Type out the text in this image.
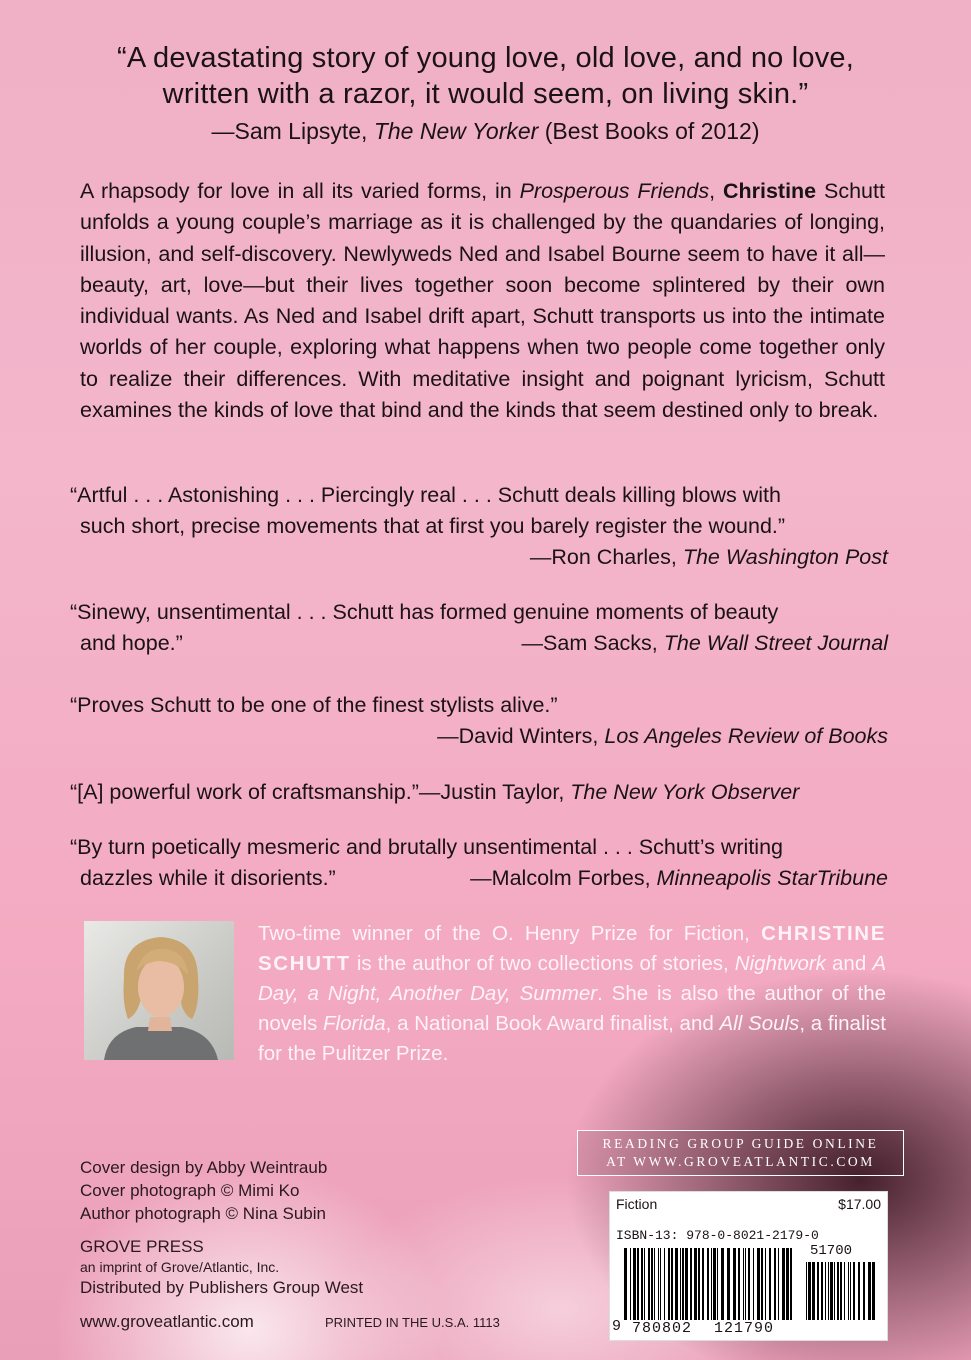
“A devastating story of young love, old love, and no love,
written with a razor, it would seem, on living skin.”
—Sam Lipsyte, The New Yorker (Best Books of 2012)
A rhapsody for love in all its varied forms, in Prosperous Friends, Christine Schutt unfolds a young couple’s marriage as it is challenged by the quandaries of longing, illusion, and self-discovery. Newlyweds Ned and Isabel Bourne seem to have it all—beauty, art, love—but their lives together soon become splintered by their own individual wants. As Ned and Isabel drift apart, Schutt transports us into the intimate worlds of her couple, exploring what happens when two people come together only to realize their differences. With meditative insight and poignant lyricism, Schutt examines the kinds of love that bind and the kinds that seem destined only to break.
“Artful . . . Astonishing . . . Piercingly real . . . Schutt deals killing blows with
such short, precise movements that at first you barely register the wound.”
—Ron Charles, The Washington Post
“Sinewy, unsentimental . . . Schutt has formed genuine moments of beauty
and hope.”	—Sam Sacks, The Wall Street Journal
“Proves Schutt to be one of the finest stylists alive.”
—David Winters, Los Angeles Review of Books
“[A] powerful work of craftsmanship.”—Justin Taylor, The New York Observer
“By turn poetically mesmeric and brutally unsentimental . . . Schutt’s writing
dazzles while it disorients.”	—Malcolm Forbes, Minneapolis StarTribune
Two-time winner of the O. Henry Prize for Fiction, CHRISTINE SCHUTT is the author of two collections of stories, Nightwork and A Day, a Night, Another Day, Summer. She is also the author of the novels Florida, a National Book Award finalist, and All Souls, a finalist for the Pulitzer Prize.
Cover design by Abby Weintraub
Cover photograph © Mimi Ko
Author photograph © Nina Subin
GROVE PRESS
an imprint of Grove/Atlantic, Inc.
Distributed by Publishers Group West
www.groveatlantic.com	PRINTED IN THE U.S.A. 1113
READING GROUP GUIDE ONLINE
AT WWW.GROVEATLANTIC.COM
Fiction	$17.00
ISBN-13: 978-0-8021-2179-0
51700
9 780802 121790
